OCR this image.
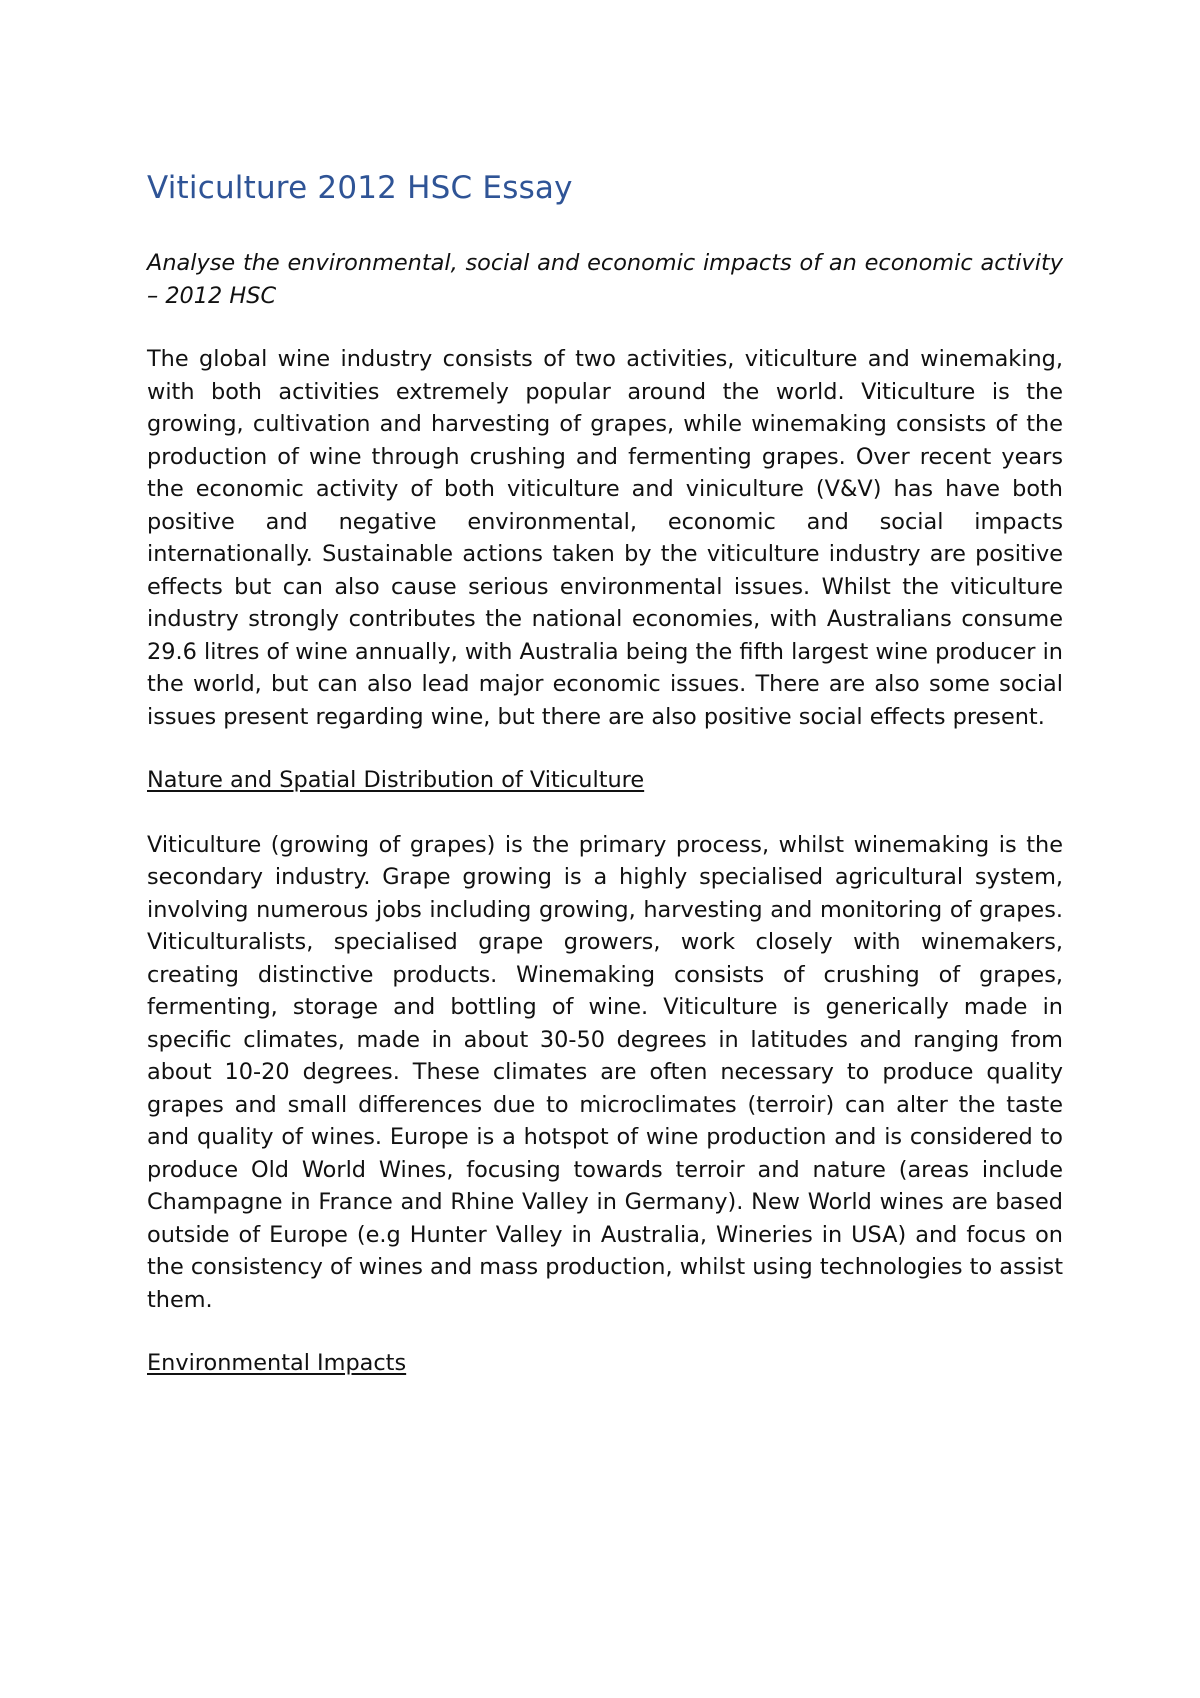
Viticulture 2012 HSC Essay

Analyse the environmental, social and economic impacts of an economic activity – 2012 HSC

The global wine industry consists of two activities, viticulture and winemaking, with both activities extremely popular around the world. Viticulture is the growing, cultivation and harvesting of grapes, while winemaking consists of the production of wine through crushing and fermenting grapes. Over recent years the economic activity of both viticulture and viniculture (V&V) has have both positive and negative environmental, economic and social impacts internationally. Sustainable actions taken by the viticulture industry are positive effects but can also cause serious environmental issues. Whilst the viticulture industry strongly contributes the national economies, with Australians consume 29.6 litres of wine annually, with Australia being the fifth largest wine producer in the world, but can also lead major economic issues. There are also some social issues present regarding wine, but there are also positive social effects present.

Nature and Spatial Distribution of Viticulture

Viticulture (growing of grapes) is the primary process, whilst winemaking is the secondary industry. Grape growing is a highly specialised agricultural system, involving numerous jobs including growing, harvesting and monitoring of grapes. Viticulturalists, specialised grape growers, work closely with winemakers, creating distinctive products. Winemaking consists of crushing of grapes, fermenting, storage and bottling of wine. Viticulture is generically made in specific climates, made in about 30-50 degrees in latitudes and ranging from about 10-20 degrees. These climates are often necessary to produce quality grapes and small differences due to microclimates (terroir) can alter the taste and quality of wines. Europe is a hotspot of wine production and is considered to produce Old World Wines, focusing towards terroir and nature (areas include Champagne in France and Rhine Valley in Germany). New World wines are based outside of Europe (e.g Hunter Valley in Australia, Wineries in USA) and focus on the consistency of wines and mass production, whilst using technologies to assist them.

Environmental Impacts
